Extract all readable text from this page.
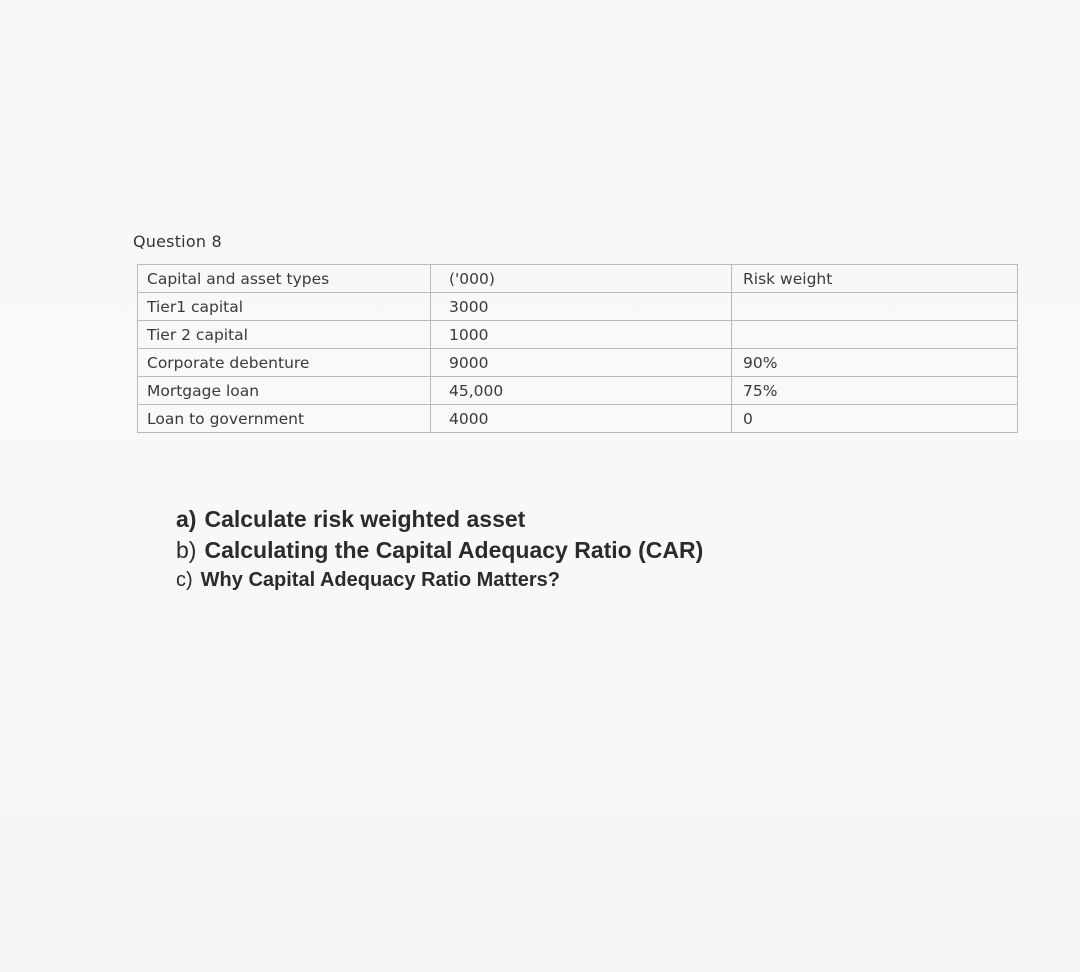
Question 8
Capital and asset types	('000)	Risk weight
Tier1 capital	3000	
Tier 2 capital	1000	
Corporate debenture	9000	90%
Mortgage loan	45,000	75%
Loan to government	4000	0
a) Calculate risk weighted asset
b) Calculating the Capital Adequacy Ratio (CAR)
c) Why Capital Adequacy Ratio Matters?
